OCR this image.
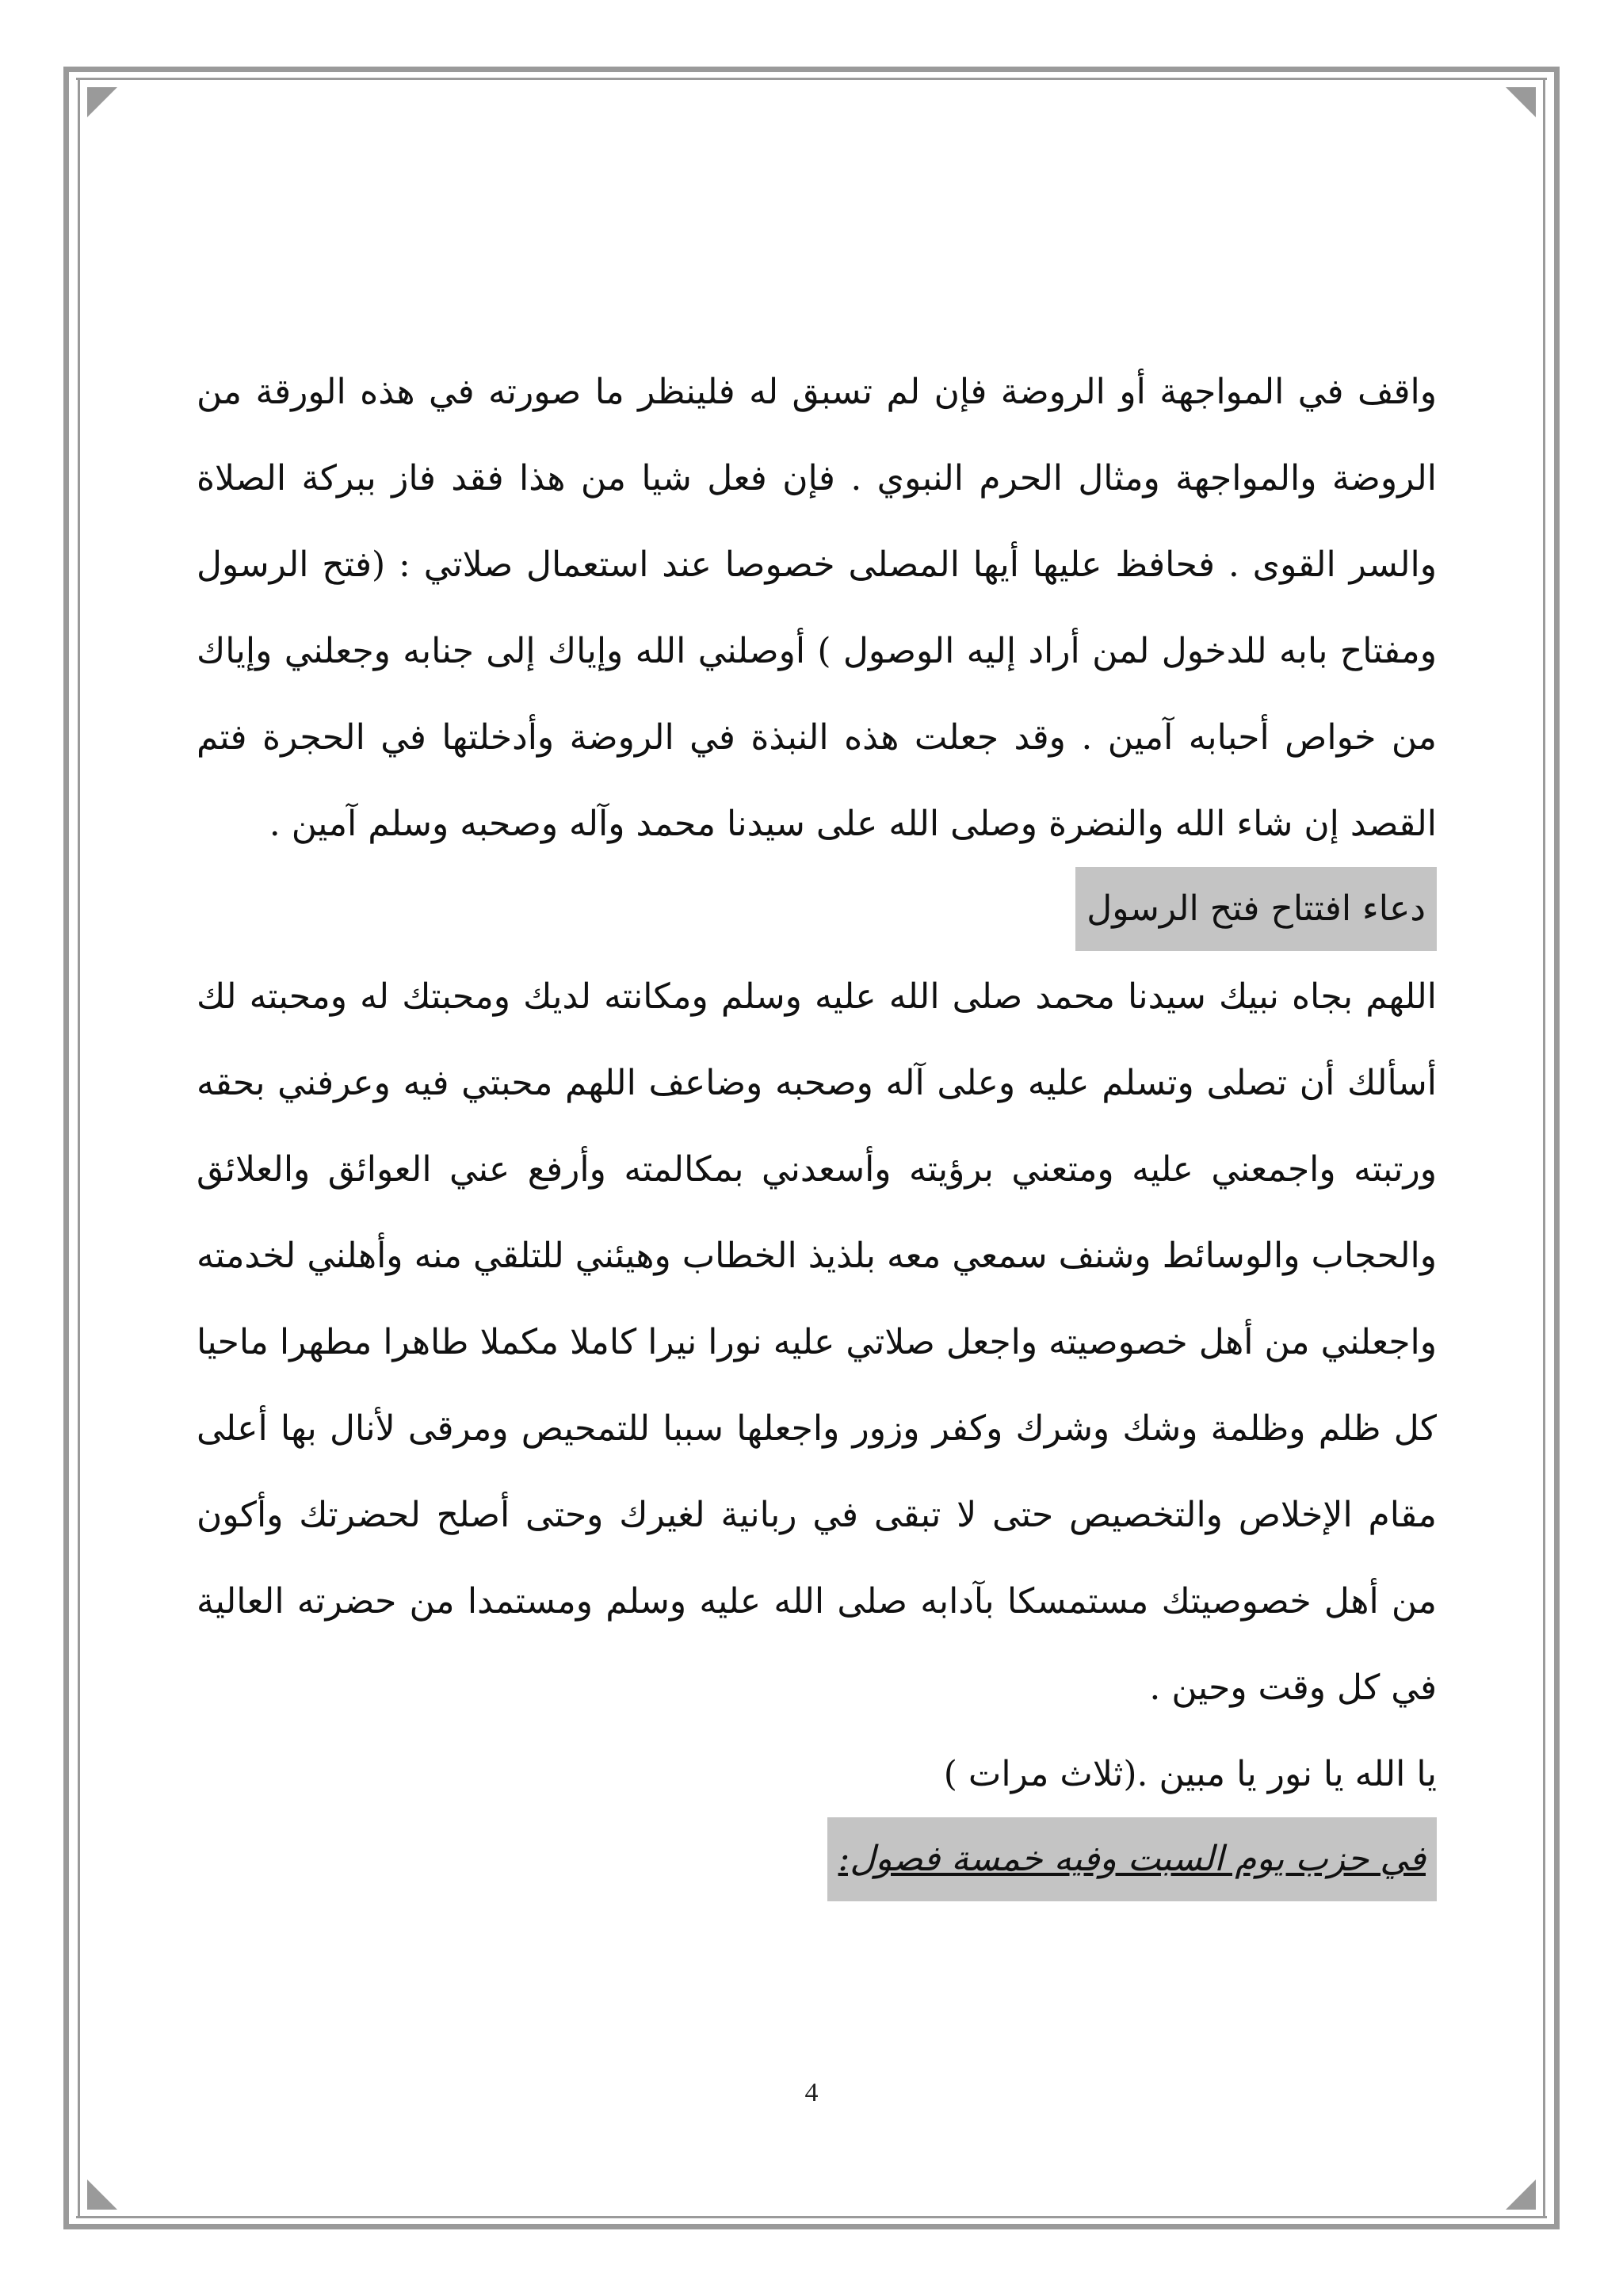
واقف في المواجهة أو الروضة فإن لم تسبق له فلينظر ما صورته في هذه الورقة من الروضة والمواجهة ومثال الحرم النبوي . فإن فعل شيا من هذا فقد فاز ببركة الصلاة والسر القوى . فحافظ عليها أيها المصلى خصوصا عند استعمال صلاتي : (فتح الرسول ومفتاح بابه للدخول لمن أراد إليه الوصول ) أوصلني الله وإياك إلى جنابه وجعلني وإياك من خواص أحبابه آمين . وقد جعلت هذه النبذة في الروضة وأدخلتها في الحجرة فتم القصد إن شاء الله والنضرة وصلى الله على سيدنا محمد وآله وصحبه وسلم آمين .

دعاء افتتاح فتح الرسول

اللهم بجاه نبيك سيدنا محمد صلى الله عليه وسلم ومكانته لديك ومحبتك له ومحبته لك أسألك أن تصلى وتسلم عليه وعلى آله وصحبه وضاعف اللهم محبتي فيه وعرفني بحقه ورتبته واجمعني عليه ومتعني برؤيته وأسعدني بمكالمته وأرفع عني العوائق والعلائق والحجاب والوسائط وشنف سمعي معه بلذيذ الخطاب وهيئني للتلقي منه وأهلني لخدمته واجعلني من أهل خصوصيته واجعل صلاتي عليه نورا نيرا كاملا مكملا طاهرا مطهرا ماحيا كل ظلم وظلمة وشك وشرك وكفر وزور واجعلها سببا للتمحيص ومرقى لأنال بها أعلى مقام الإخلاص والتخصيص حتى لا تبقى في ربانية لغيرك وحتى أصلح لحضرتك وأكون من أهل خصوصيتك مستمسكا بآدابه صلى الله عليه وسلم ومستمدا من حضرته العالية في كل وقت وحين .

يا الله يا نور يا مبين .(ثلاث مرات )

في حزب يوم السبت وفيه خمسة فصول:
4
